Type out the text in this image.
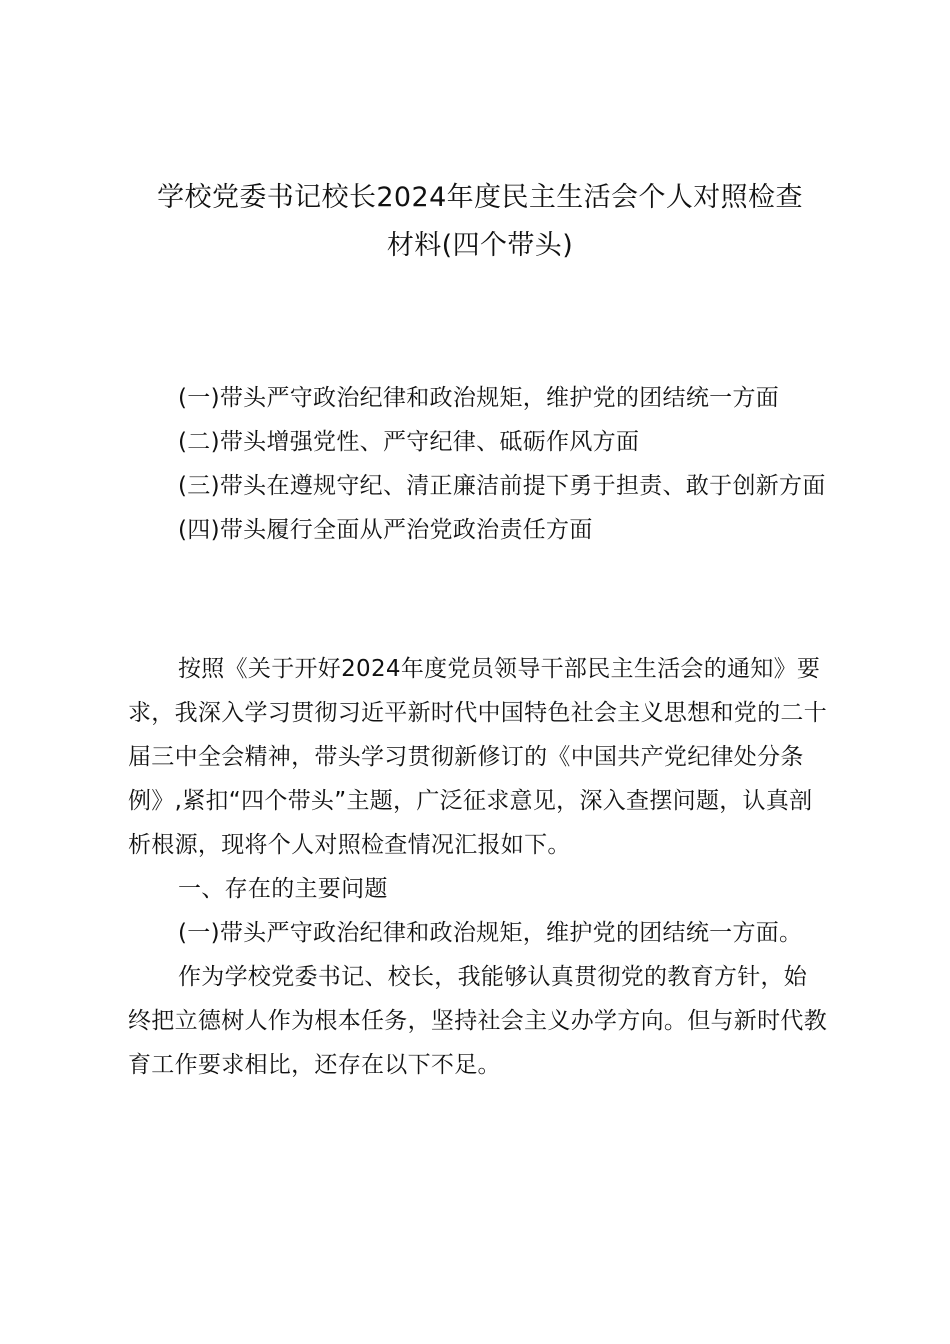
学校党委书记校长2024年度民主生活会个人对照检查
材料(四个带头)

(一)带头严守政治纪律和政治规矩，维护党的团结统一方面

(二)带头增强党性、严守纪律、砥砺作风方面

(三)带头在遵规守纪、清正廉洁前提下勇于担责、敢于创新方面

(四)带头履行全面从严治党政治责任方面

按照《关于开好2024年度党员领导干部民主生活会的通知》要求，我深入学习贯彻习近平新时代中国特色社会主义思想和党的二十届三中全会精神，带头学习贯彻新修订的《中国共产党纪律处分条例》,紧扣“四个带头”主题，广泛征求意见，深入查摆问题，认真剖析根源，现将个人对照检查情况汇报如下。

一、存在的主要问题

(一)带头严守政治纪律和政治规矩，维护党的团结统一方面。

作为学校党委书记、校长，我能够认真贯彻党的教育方针，始终把立德树人作为根本任务，坚持社会主义办学方向。但与新时代教育工作要求相比，还存在以下不足。
